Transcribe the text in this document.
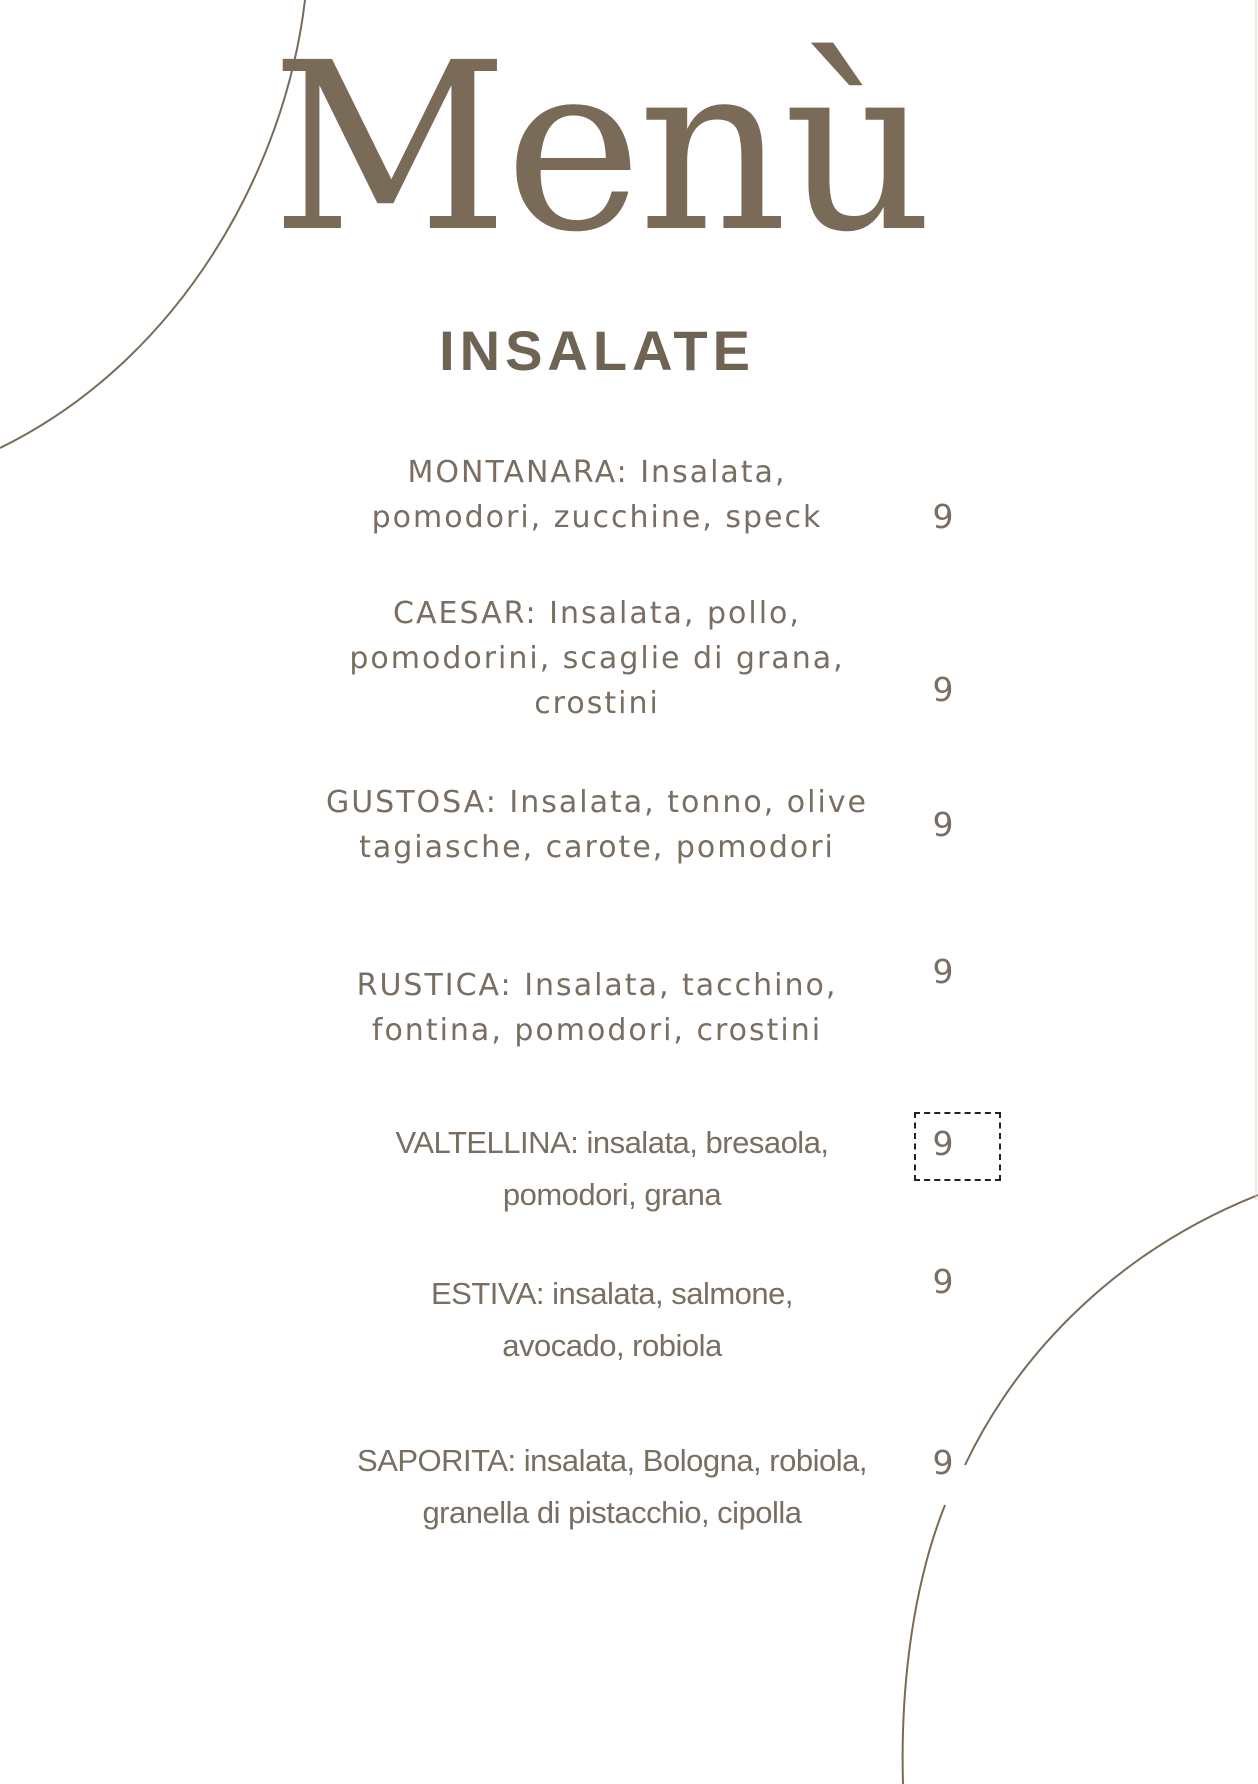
Menù
INSALATE
MONTANARA: Insalata,
pomodori, zucchine, speck	9
CAESAR: Insalata, pollo,
pomodorini, scaglie di grana,
crostini	9
GUSTOSA: Insalata, tonno, olive
tagiasche, carote, pomodori
9
RUSTICA: Insalata, tacchino,
fontina, pomodori, crostini
9
VALTELLINA: insalata, bresaola,
pomodori, grana
9
ESTIVA: insalata, salmone,
avocado, robiola
9
SAPORITA: insalata, Bologna, robiola,
granella di pistacchio, cipolla
9
